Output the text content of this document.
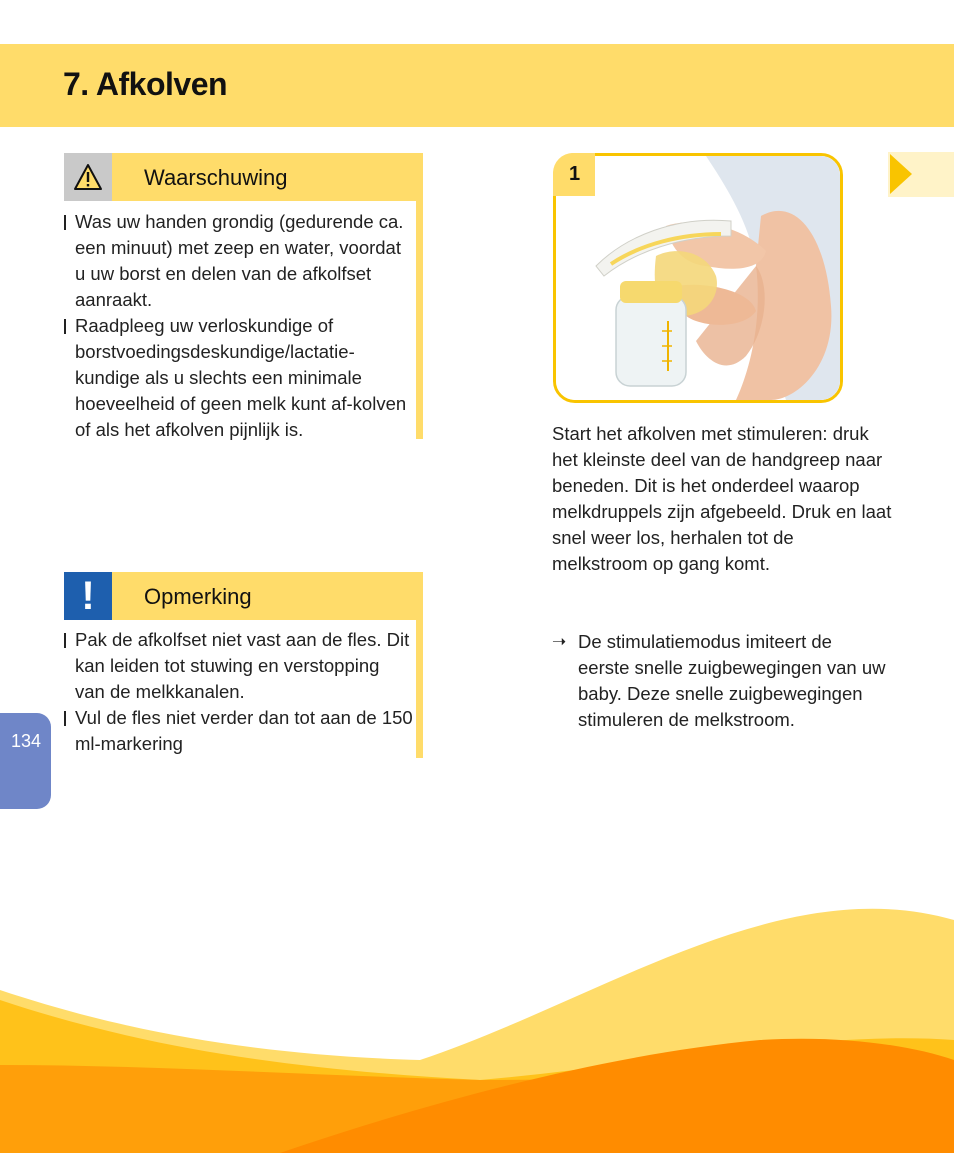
7. Afkolven
Waarschuwing
Was uw handen grondig (gedurende ca. een minuut) met zeep en water, voordat u uw borst en delen van de afkolfset aanraakt.
Raadpleeg uw verloskundige of borstvoedingsdeskundige/lactatie-kundige als u slechts een minimale hoeveelheid of geen melk kunt af-kolven of als het afkolven pijnlijk is.
! Opmerking
Pak de afkolfset niet vast aan de fles. Dit kan leiden tot stuwing en verstopping van de melkkanalen.
Vul de fles niet verder dan tot aan de 150 ml-markering
134
1

Start het afkolven met stimuleren: druk het kleinste deel van de handgreep naar beneden. Dit is het onderdeel waarop melkdruppels zijn afgebeeld. Druk en laat snel weer los, herhalen tot de melkstroom op gang komt.

➝ De stimulatiemodus imiteert de eerste snelle zuigbewegingen van uw baby. Deze snelle zuigbewegingen stimuleren de melkstroom.
